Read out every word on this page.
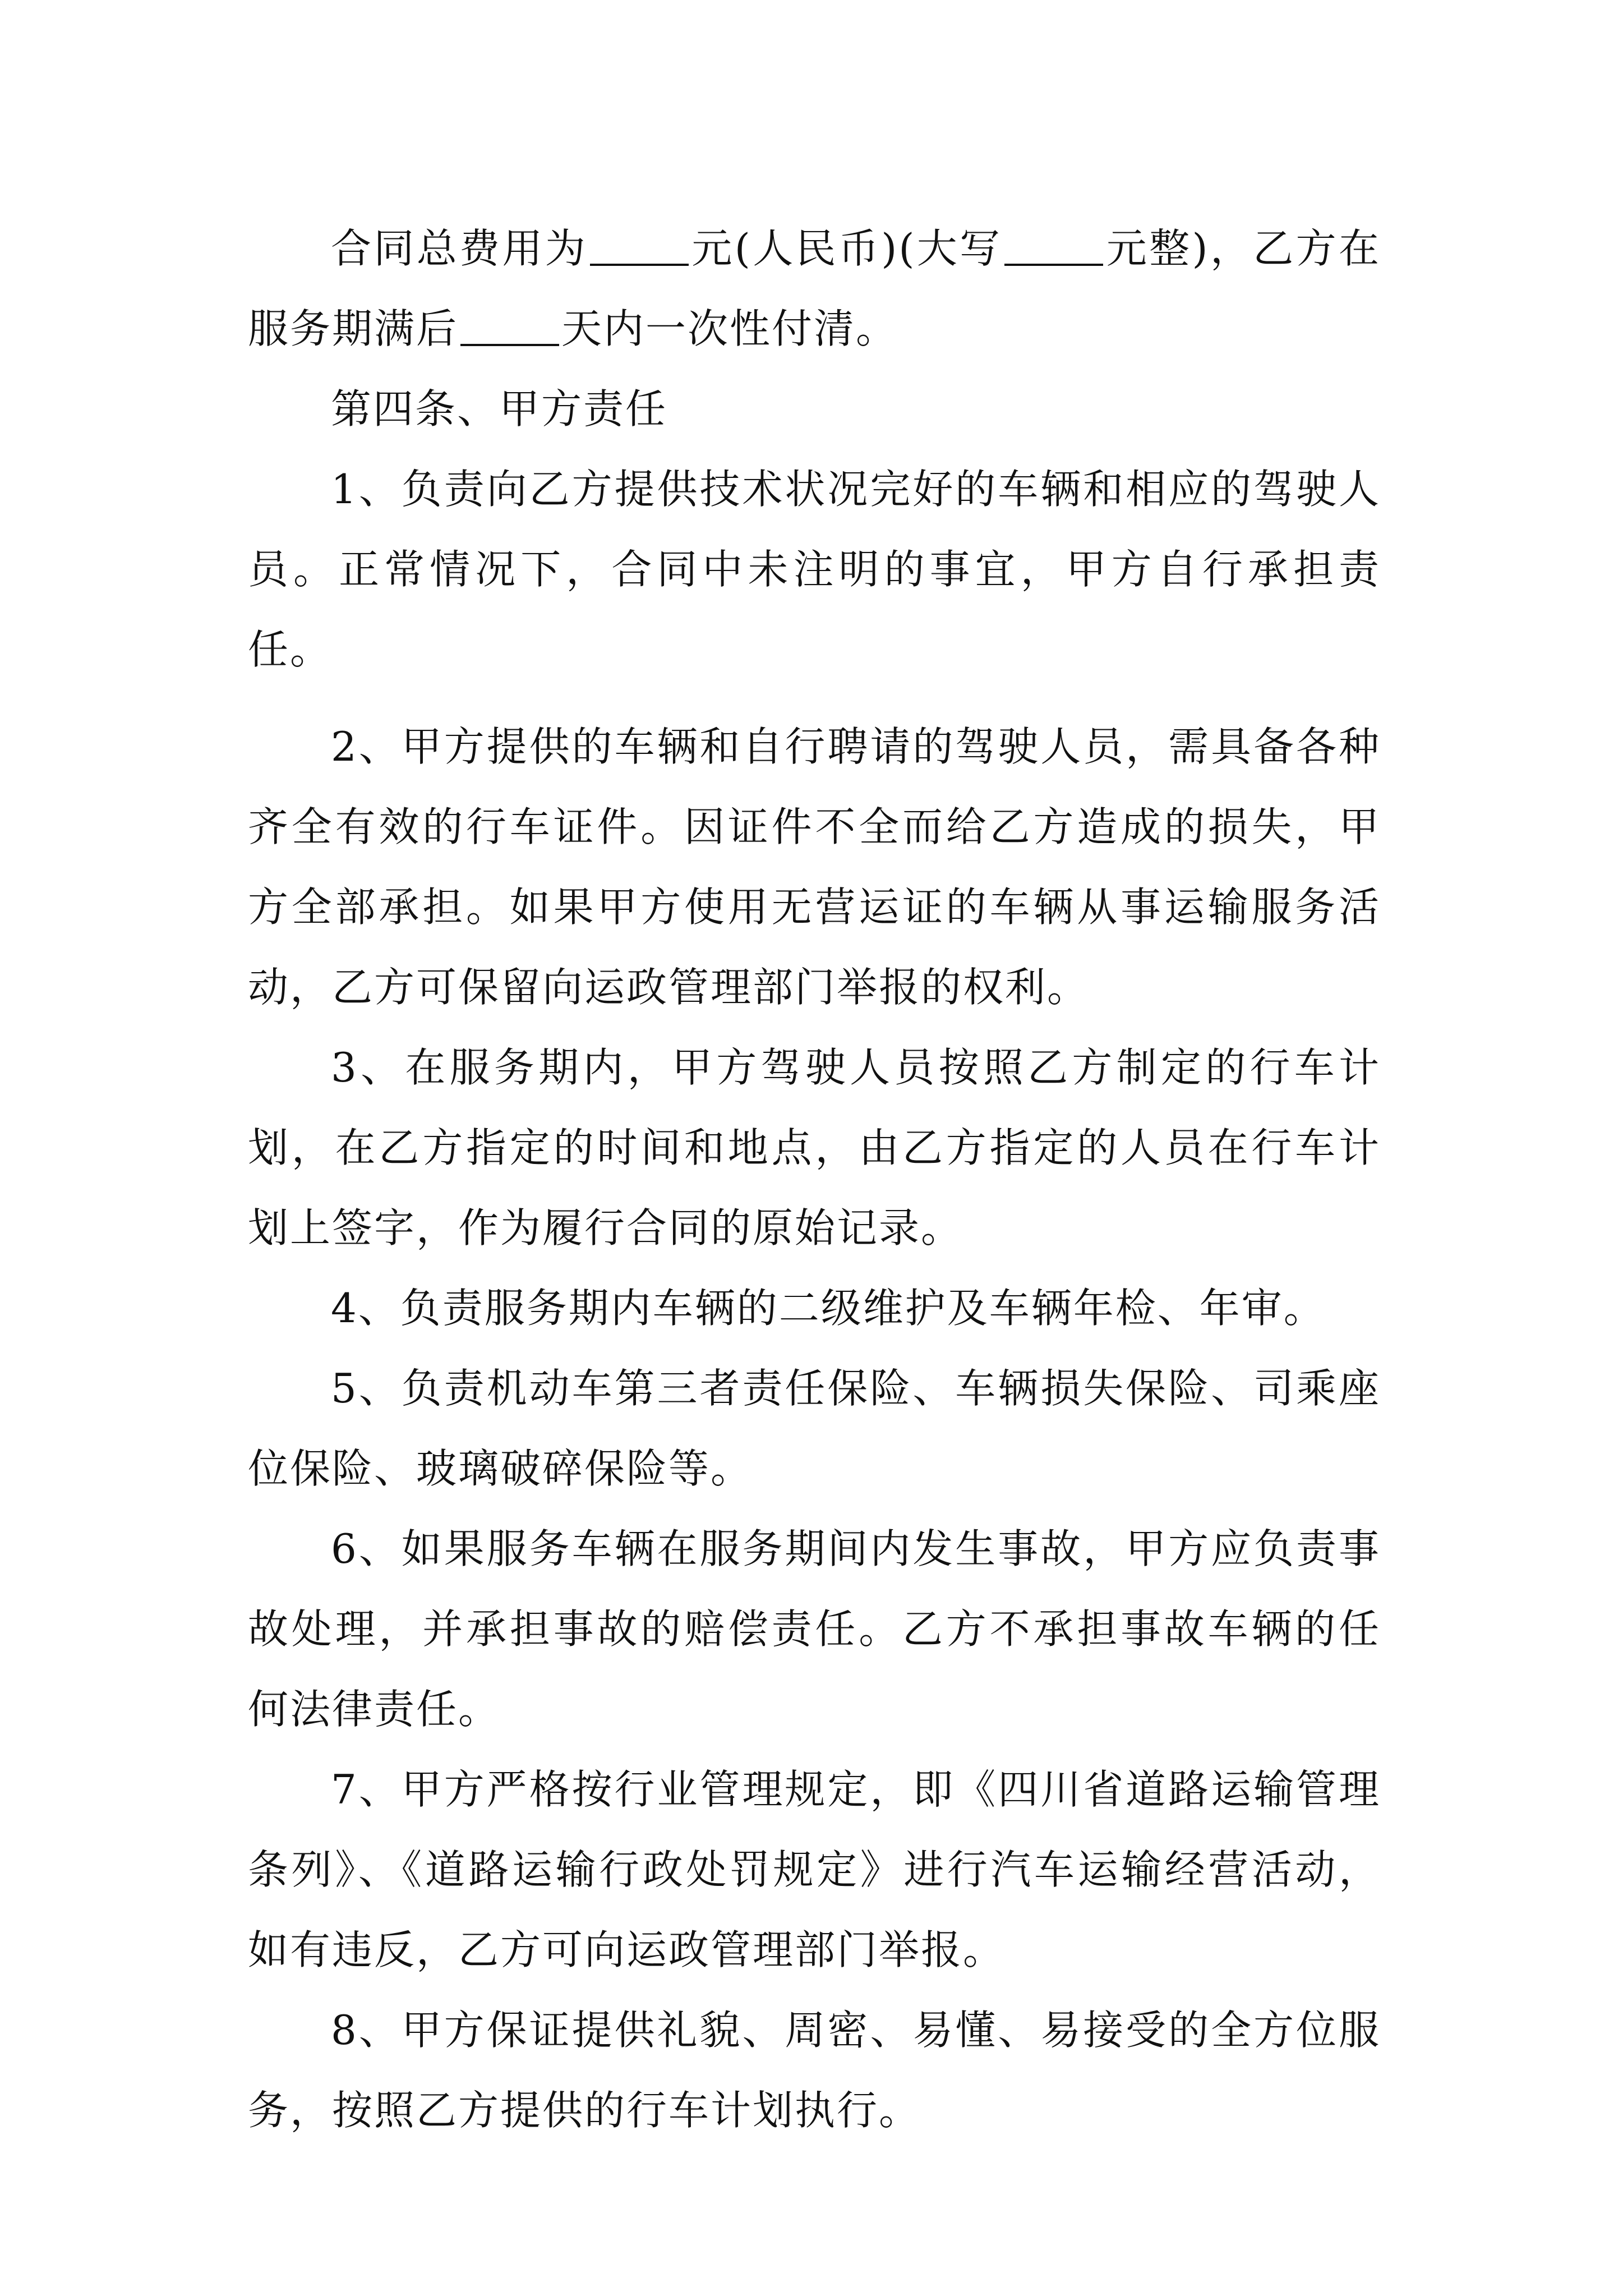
合同总费用为	元(人民币)(大写	元整)，乙方在服务期满后	天内一次性付清。

第四条、甲方责任

1、负责向乙方提供技术状况完好的车辆和相应的驾驶人员。正常情况下，合同中未注明的事宜，甲方自行承担责任。

2、甲方提供的车辆和自行聘请的驾驶人员，需具备各种齐全有效的行车证件。因证件不全而给乙方造成的损失，甲方全部承担。如果甲方使用无营运证的车辆从事运输服务活动，乙方可保留向运政管理部门举报的权利。

3、在服务期内，甲方驾驶人员按照乙方制定的行车计划，在乙方指定的时间和地点，由乙方指定的人员在行车计划上签字，作为履行合同的原始记录。

4、负责服务期内车辆的二级维护及车辆年检、年审。

5、负责机动车第三者责任保险、车辆损失保险、司乘座位保险、玻璃破碎保险等。

6、如果服务车辆在服务期间内发生事故，甲方应负责事故处理，并承担事故的赔偿责任。乙方不承担事故车辆的任何法律责任。

7、甲方严格按行业管理规定，即《四川省道路运输管理条列》、《道路运输行政处罚规定》进行汽车运输经营活动，如有违反，乙方可向运政管理部门举报。

8、甲方保证提供礼貌、周密、易懂、易接受的全方位服务，按照乙方提供的行车计划执行。
